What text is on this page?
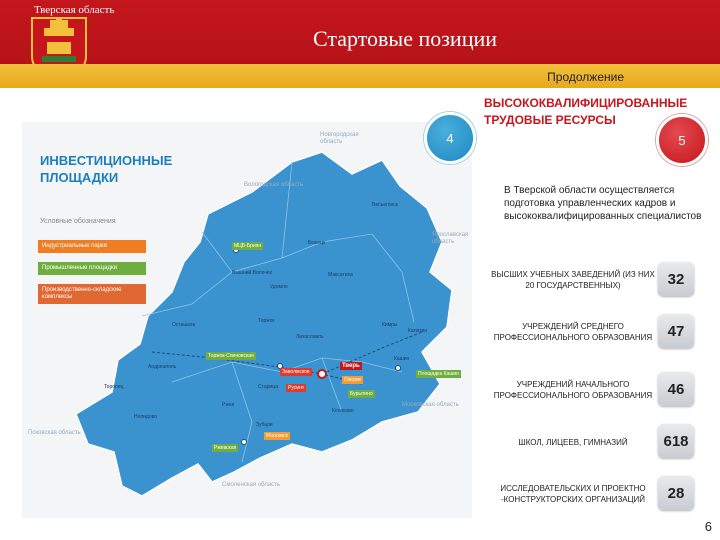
Тверская область
Стартовые позиции
Продолжение
ИНВЕСТИЦИОННЫЕ ПЛОЩАДКИ
Условные обозначения
Индустриальные парки
Промышленные площадки
Производственно-складские комплексы
Новгородская область
Вологодская область
Ярославская область
Московская область
Смоленская область
Псковская область
МЦБ-Бриян
Торжок-Спиновская
Тверь
Заволжское
Озерки
Русинт
Бурытино
Площадка Кашин
Московск
Ржевская
Бежецк
Кашин
Торжок
Осташков
Ржев
Нелидово
Кимры
Конаково
Вышний Волочёк
Удомля
Андреаполь
Зубцов
Старица
Лихославль
Калязин
Весьегонск
Максатиха
Торопец
ВЫСОКОКВАЛИФИЦИРОВАННЫЕ ТРУДОВЫЕ РЕСУРСЫ
4	5
В Тверской области осуществляется подготовка управленческих кадров и высококвалифицированных специалистов
ВЫСШИХ УЧЕБНЫХ ЗАВЕДЕНИЙ (ИЗ НИХ 20 ГОСУДАРСТВЕННЫХ)	32
УЧРЕЖДЕНИЙ СРЕДНЕГО ПРОФЕССИОНАЛЬНОГО ОБРАЗОВАНИЯ	47
УЧРЕЖДЕНИЙ НАЧАЛЬНОГО ПРОФЕССИОНАЛЬНОГО ОБРАЗОВАНИЯ	46
ШКОЛ, ЛИЦЕЕВ, ГИМНАЗИЙ	618
ИССЛЕДОВАТЕЛЬСКИХ И ПРОЕКТНО -КОНСТРУКТОРСКИХ ОРГАНИЗАЦИЙ	28
6
